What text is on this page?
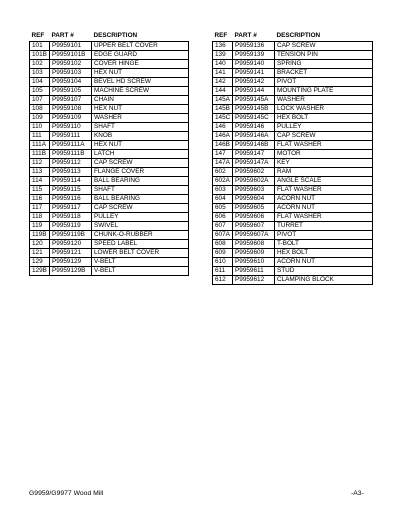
REF	PART #	DESCRIPTION
101	P9959101	UPPER BELT COVER
101B	P9959101B	EDGE GUARD
102	P9959102	COVER HINGE
103	P9959103	HEX NUT
104	P9959104	BEVEL HD SCREW
105	P9959105	MACHINE SCREW
107	P9959107	CHAIN
108	P9959108	HEX NUT
109	P9959109	WASHER
110	P9959110	SHAFT
111	P9959111	KNOB
111A	P9959111A	HEX NUT
111B	P9959111B	LATCH
112	P9959112	CAP SCREW
113	P9959113	FLANGE COVER
114	P9959114	BALL BEARING
115	P9959115	SHAFT
116	P9959116	BALL BEARING
117	P9959117	CAP SCREW
118	P9959118	PULLEY
119	P9959119	SWIVEL
119B	P9959119B	CHUNK-O-RUBBER
120	P9959120	SPEED LABEL
121	P9959121	LOWER BELT COVER
129	P9959129	V-BELT
129B	P9959129B	V-BELT
REF	PART #	DESCRIPTION
136	P9959136	CAP SCREW
139	P9959139	TENSION PIN
140	P9959140	SPRING
141	P9959141	BRACKET
142	P9959142	PIVOT
144	P9959144	MOUNTING PLATE
145A	P9959145A	WASHER
145B	P9959145B	LOCK WASHER
145C	P9959145C	HEX BOLT
146	P9959146	PULLEY
146A	P9959146A	CAP SCREW
146B	P9959146B	FLAT WASHER
147	P9959147	MOTOR
147A	P9959147A	KEY
602	P9959602	RAM
602A	P9959602A	ANGLE SCALE
603	P9959603	FLAT WASHER
604	P9959604	ACORN NUT
605	P9959605	ACORN NUT
606	P9959606	FLAT WASHER
607	P9959607	TURRET
607A	P9959607A	PIVOT
608	P9959608	T-BOLT
609	P9959609	HEX BOLT
610	P9959610	ACORN NUT
611	P9959611	STUD
612	P9959612	CLAMPING BLOCK
G9959/G9977 Wood Mill	-A3-
